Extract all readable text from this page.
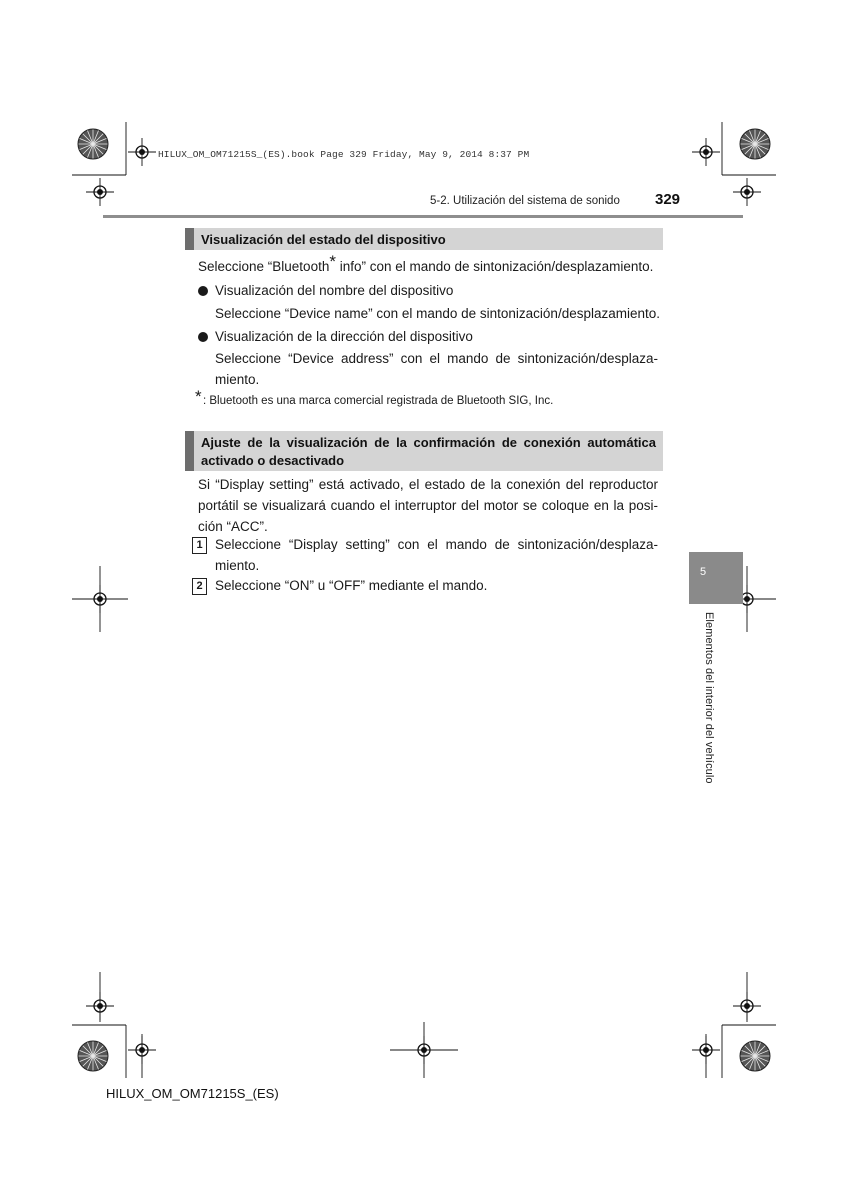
HILUX_OM_OM71215S_(ES).book Page 329 Friday, May 9, 2014 8:37 PM
5-2. Utilización del sistema de sonido 329
Visualización del estado del dispositivo
Seleccione “Bluetooth* info” con el mando de sintonización/desplazamiento.
Visualización del nombre del dispositivo
Seleccione “Device name” con el mando de sintonización/desplazamiento.
Visualización de la dirección del dispositivo
Seleccione “Device address” con el mando de sintonización/desplaza-miento.
* : Bluetooth es una marca comercial registrada de Bluetooth SIG, Inc.
Ajuste de la visualización de la confirmación de conexión automática activado o desactivado
Si “Display setting” está activado, el estado de la conexión del reproductor portátil se visualizará cuando el interruptor del motor se coloque en la posi-ción “ACC”.
1 Seleccione “Display setting” con el mando de sintonización/desplaza-miento.
2 Seleccione “ON” u “OFF” mediante el mando.
5
Elementos del interior del vehículo
HILUX_OM_OM71215S_(ES)
